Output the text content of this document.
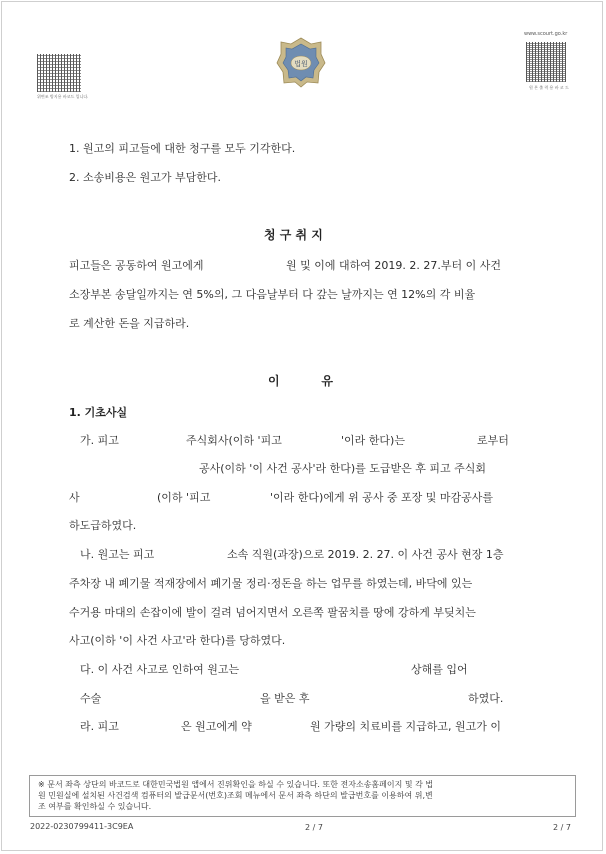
위변조 방지용 바코드 입니다.
법원
www.scourt.go.kr
원 본 출 력 용 바 코 드
1. 원고의 피고들에 대한 청구를 모두 기각한다.
2. 소송비용은 원고가 부담한다.
청 구 취 지
피고들은 공동하여 원고에게	원 및 이에 대하여 2019. 2. 27.부터 이 사건
소장부본 송달일까지는 연 5%의, 그 다음날부터 다 갚는 날까지는 연 12%의 각 비율
로 계산한 돈을 지급하라.
이          유
1. 기초사실
가. 피고	주식회사(이하 '피고	'이라 한다)는	로부터
공사(이하 '이 사건 공사'라 한다)를 도급받은 후 피고 주식회
사	(이하 '피고	'이라 한다)에게 위 공사 중 포장 및 마감공사를
하도급하였다.
나. 원고는 피고	소속 직원(과장)으로 2019. 2. 27. 이 사건 공사 현장 1층
주차장 내 폐기물 적재장에서 폐기물 정리·정돈을 하는 업무를 하였는데, 바닥에 있는
수거용 마대의 손잡이에 발이 걸려 넘어지면서 오른쪽 팔꿈치를 땅에 강하게 부딪치는
사고(이하 '이 사건 사고'라 한다)를 당하였다.
다. 이 사건 사고로 인하여 원고는	상해를 입어
수술	을 받은 후	하였다.
라. 피고	은 원고에게 약	원 가량의 치료비를 지급하고, 원고가 이
※ 문서 좌측 상단의 바코드로 대한민국법원 앱에서 진위확인을 하실 수 있습니다. 또한 전자소송홈페이지 및 각 법
원 민원실에 설치된 사건검색 컴퓨터의 발급문서(번호)조회 메뉴에서 문서 좌측 하단의 발급번호를 이용하여 위,변
조 여부를 확인하실 수 있습니다.
2022-0230799411-3C9EA	2 / 7	2 / 7
